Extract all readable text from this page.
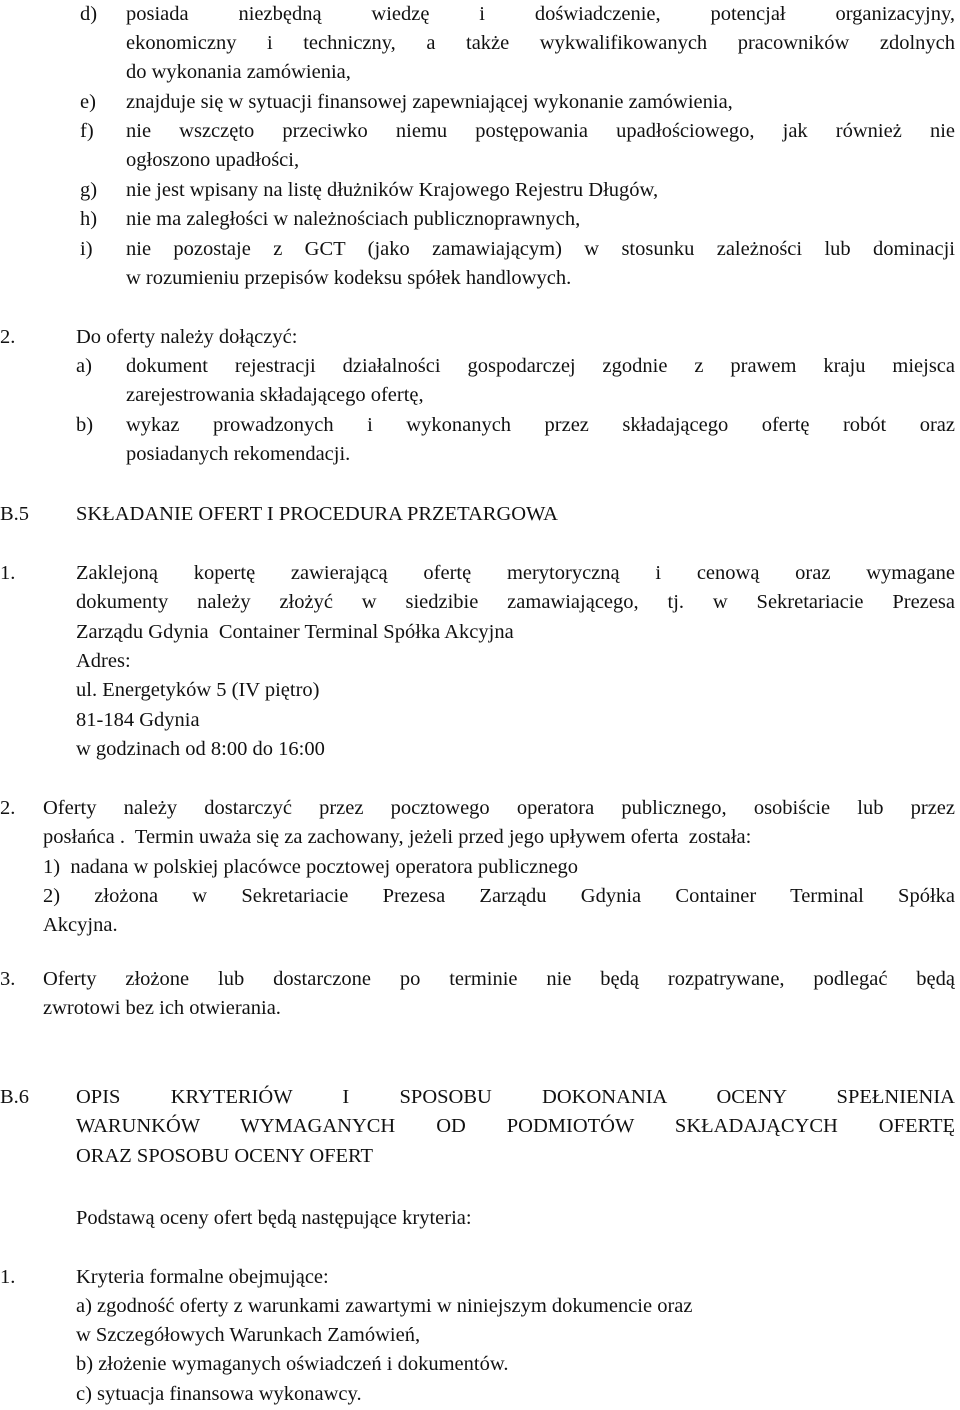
d) posiada niezbędną wiedzę i doświadczenie, potencjał organizacyjny,
ekonomiczny i techniczny, a także wykwalifikowanych pracowników zdolnych
do wykonania zamówienia,
e) znajduje się w sytuacji finansowej zapewniającej wykonanie zamówienia,
f) nie wszczęto przeciwko niemu postępowania upadłościowego, jak również nie
ogłoszono upadłości,
g) nie jest wpisany na listę dłużników Krajowego Rejestru Długów,
h) nie ma zaległości w należnościach publicznoprawnych,
i) nie pozostaje z GCT (jako zamawiającym) w stosunku zależności lub dominacji
w rozumieniu przepisów kodeksu spółek handlowych.
2.	Do oferty należy dołączyć:
a) dokument rejestracji działalności gospodarczej zgodnie z prawem kraju miejsca
zarejestrowania składającego ofertę,
b) wykaz prowadzonych i wykonanych przez składającego ofertę robót oraz
posiadanych rekomendacji.
B.5 SKŁADANIE OFERT I PROCEDURA PRZETARGOWA
1.	Zaklejoną kopertę zawierającą ofertę merytoryczną i cenową oraz wymagane
dokumenty należy złożyć w siedzibie zamawiającego, tj. w Sekretariacie Prezesa
Zarządu Gdynia  Container Terminal Spółka Akcyjna
Adres:
ul. Energetyków 5 (IV piętro)
81-184 Gdynia
w godzinach od 8:00 do 16:00
2. Oferty należy dostarczyć przez pocztowego operatora publicznego, osobiście lub przez
posłańca .  Termin uważa się za zachowany, jeżeli przed jego upływem oferta  została:
1)  nadana w polskiej placówce pocztowej operatora publicznego
2) złożona w Sekretariacie Prezesa Zarządu Gdynia Container Terminal Spółka
Akcyjna.
3. Oferty złożone lub dostarczone po terminie nie będą rozpatrywane, podlegać będą
zwrotowi bez ich otwierania.
B.6 OPIS KRYTERIÓW I SPOSOBU DOKONANIA OCENY SPEŁNIENIA
WARUNKÓW WYMAGANYCH OD PODMIOTÓW SKŁADAJĄCYCH OFERTĘ
ORAZ SPOSOBU OCENY OFERT
Podstawą oceny ofert będą następujące kryteria:
1.	Kryteria formalne obejmujące:
a) zgodność oferty z warunkami zawartymi w niniejszym dokumencie oraz
w Szczegółowych Warunkach Zamówień,
b) złożenie wymaganych oświadczeń i dokumentów.
c) sytuacja finansowa wykonawcy.
